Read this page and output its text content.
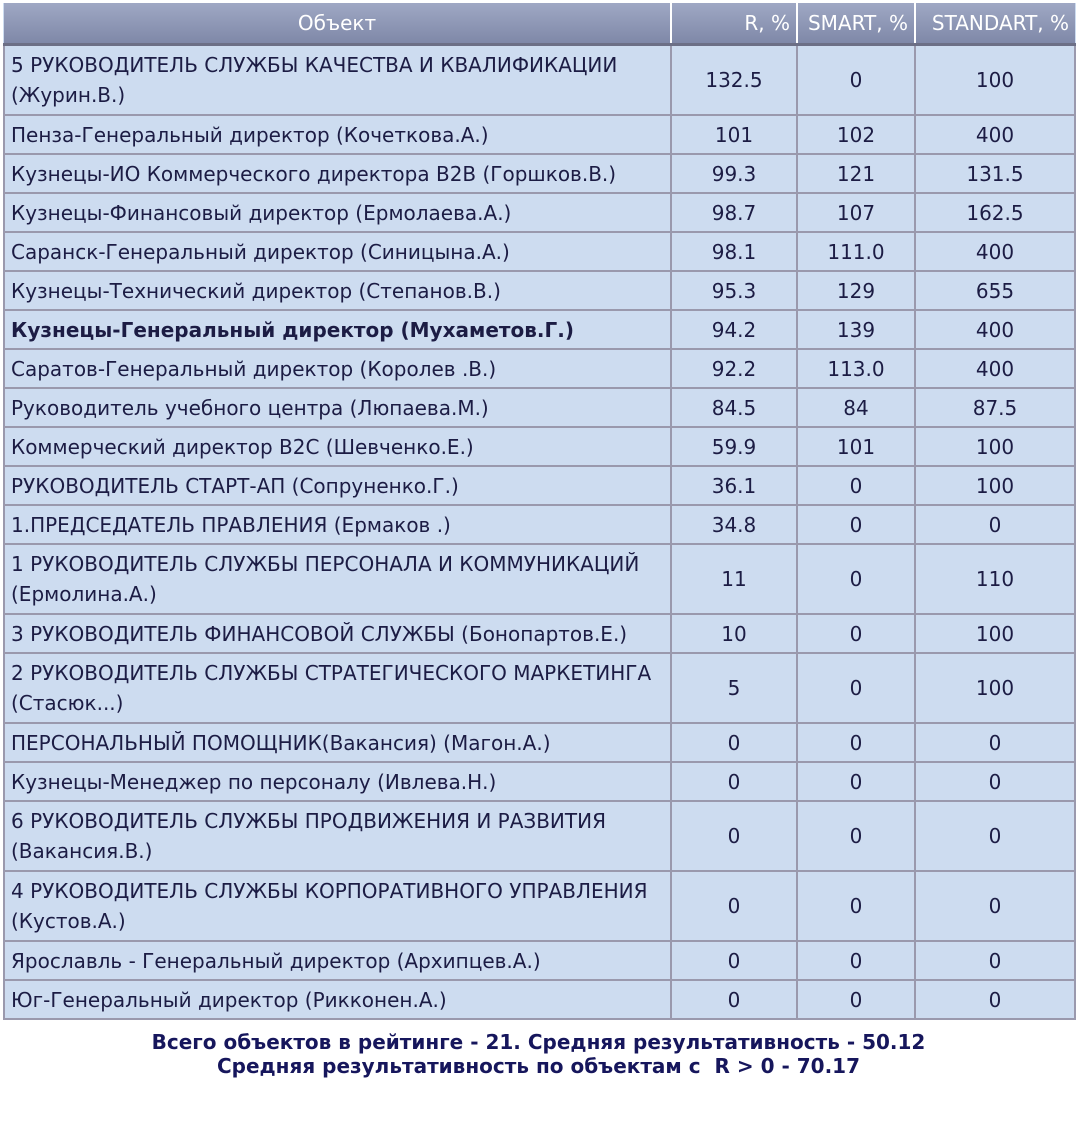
Объект	R, %	SMART, %	STANDART, %
5 РУКОВОДИТЕЛЬ СЛУЖБЫ КАЧЕСТВА И КВАЛИФИКАЦИИ (Журин.В.)	132.5	0	100
Пенза-Генеральный директор (Кочеткова.А.)	101	102	400
Кузнецы-ИО Коммерческого директора B2B (Горшков.В.)	99.3	121	131.5
Кузнецы-Финансовый директор (Ермолаева.А.)	98.7	107	162.5
Саранск-Генеральный директор (Синицына.А.)	98.1	111.0	400
Кузнецы-Технический директор (Степанов.В.)	95.3	129	655
Кузнецы-Генеральный директор (Мухаметов.Г.)	94.2	139	400
Саратов-Генеральный директор (Королев .В.)	92.2	113.0	400
Руководитель учебного центра (Люпаева.М.)	84.5	84	87.5
Коммерческий директор B2C (Шевченко.Е.)	59.9	101	100
РУКОВОДИТЕЛЬ СТАРТ-АП (Сопруненко.Г.)	36.1	0	100
1.ПРЕДСЕДАТЕЛЬ ПРАВЛЕНИЯ (Ермаков .)	34.8	0	0
1 РУКОВОДИТЕЛЬ СЛУЖБЫ ПЕРСОНАЛА И КОММУНИКАЦИЙ (Ермолина.А.)	11	0	110
3 РУКОВОДИТЕЛЬ ФИНАНСОВОЙ СЛУЖБЫ (Бонопартов.Е.)	10	0	100
2 РУКОВОДИТЕЛЬ СЛУЖБЫ СТРАТЕГИЧЕСКОГО МАРКЕТИНГА (Стасюк...)	5	0	100
ПЕРСОНАЛЬНЫЙ ПОМОЩНИК(Вакансия) (Магон.А.)	0	0	0
Кузнецы-Менеджер по персоналу (Ивлева.Н.)	0	0	0
6 РУКОВОДИТЕЛЬ СЛУЖБЫ ПРОДВИЖЕНИЯ И РАЗВИТИЯ (Вакансия.В.)	0	0	0
4 РУКОВОДИТЕЛЬ СЛУЖБЫ КОРПОРАТИВНОГО УПРАВЛЕНИЯ (Кустов.А.)	0	0	0
Ярославль - Генеральный директор (Архипцев.А.)	0	0	0
Юг-Генеральный директор (Рикконен.А.)	0	0	0
Всего объектов в рейтинге - 21. Средняя результативность - 50.12
Средняя результативность по объектам с  R > 0 - 70.17
